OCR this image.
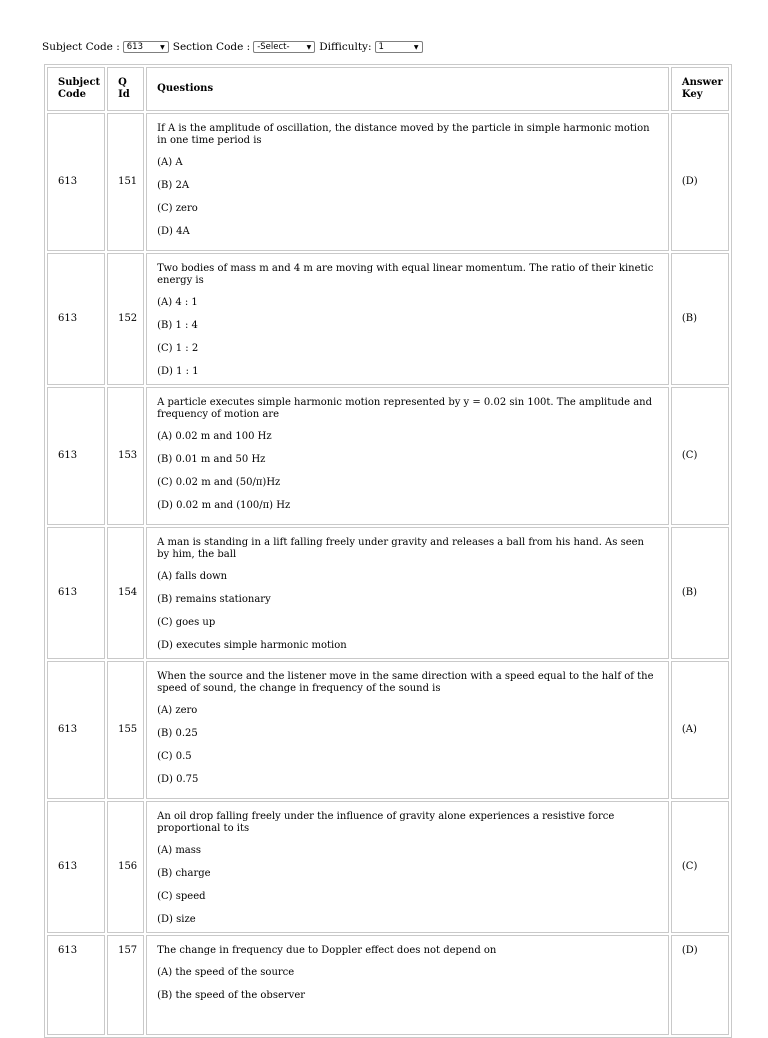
Subject Code : 613	▼ Section Code : -Select-	▼ Difficulty: 1	▼
Subject Code	Q Id	Questions	Answer Key
613	151	If A is the amplitude of oscillation, the distance moved by the particle in simple harmonic motion in one time period is
(A) A
(B) 2A
(C) zero
(D) 4A	(D)
613	152	Two bodies of mass m and 4 m are moving with equal linear momentum. The ratio of their kinetic energy is
(A) 4 : 1
(B) 1 : 4
(C) 1 : 2
(D) 1 : 1	(B)
613	153	A particle executes simple harmonic motion represented by y = 0.02 sin 100t. The amplitude and frequency of motion are
(A) 0.02 m and 100 Hz
(B) 0.01 m and 50 Hz
(C) 0.02 m and (50/π)Hz
(D) 0.02 m and (100/π) Hz	(C)
613	154	A man is standing in a lift falling freely under gravity and releases a ball from his hand. As seen by him, the ball
(A) falls down
(B) remains stationary
(C) goes up
(D) executes simple harmonic motion	(B)
613	155	When the source and the listener move in the same direction with a speed equal to the half of the speed of sound, the change in frequency of the sound is
(A) zero
(B) 0.25
(C) 0.5
(D) 0.75	(A)
613	156	An oil drop falling freely under the influence of gravity alone experiences a resistive force proportional to its
(A) mass
(B) charge
(C) speed
(D) size	(C)
613	157	The change in frequency due to Doppler effect does not depend on
(A) the speed of the source
(B) the speed of the observer	(D)
